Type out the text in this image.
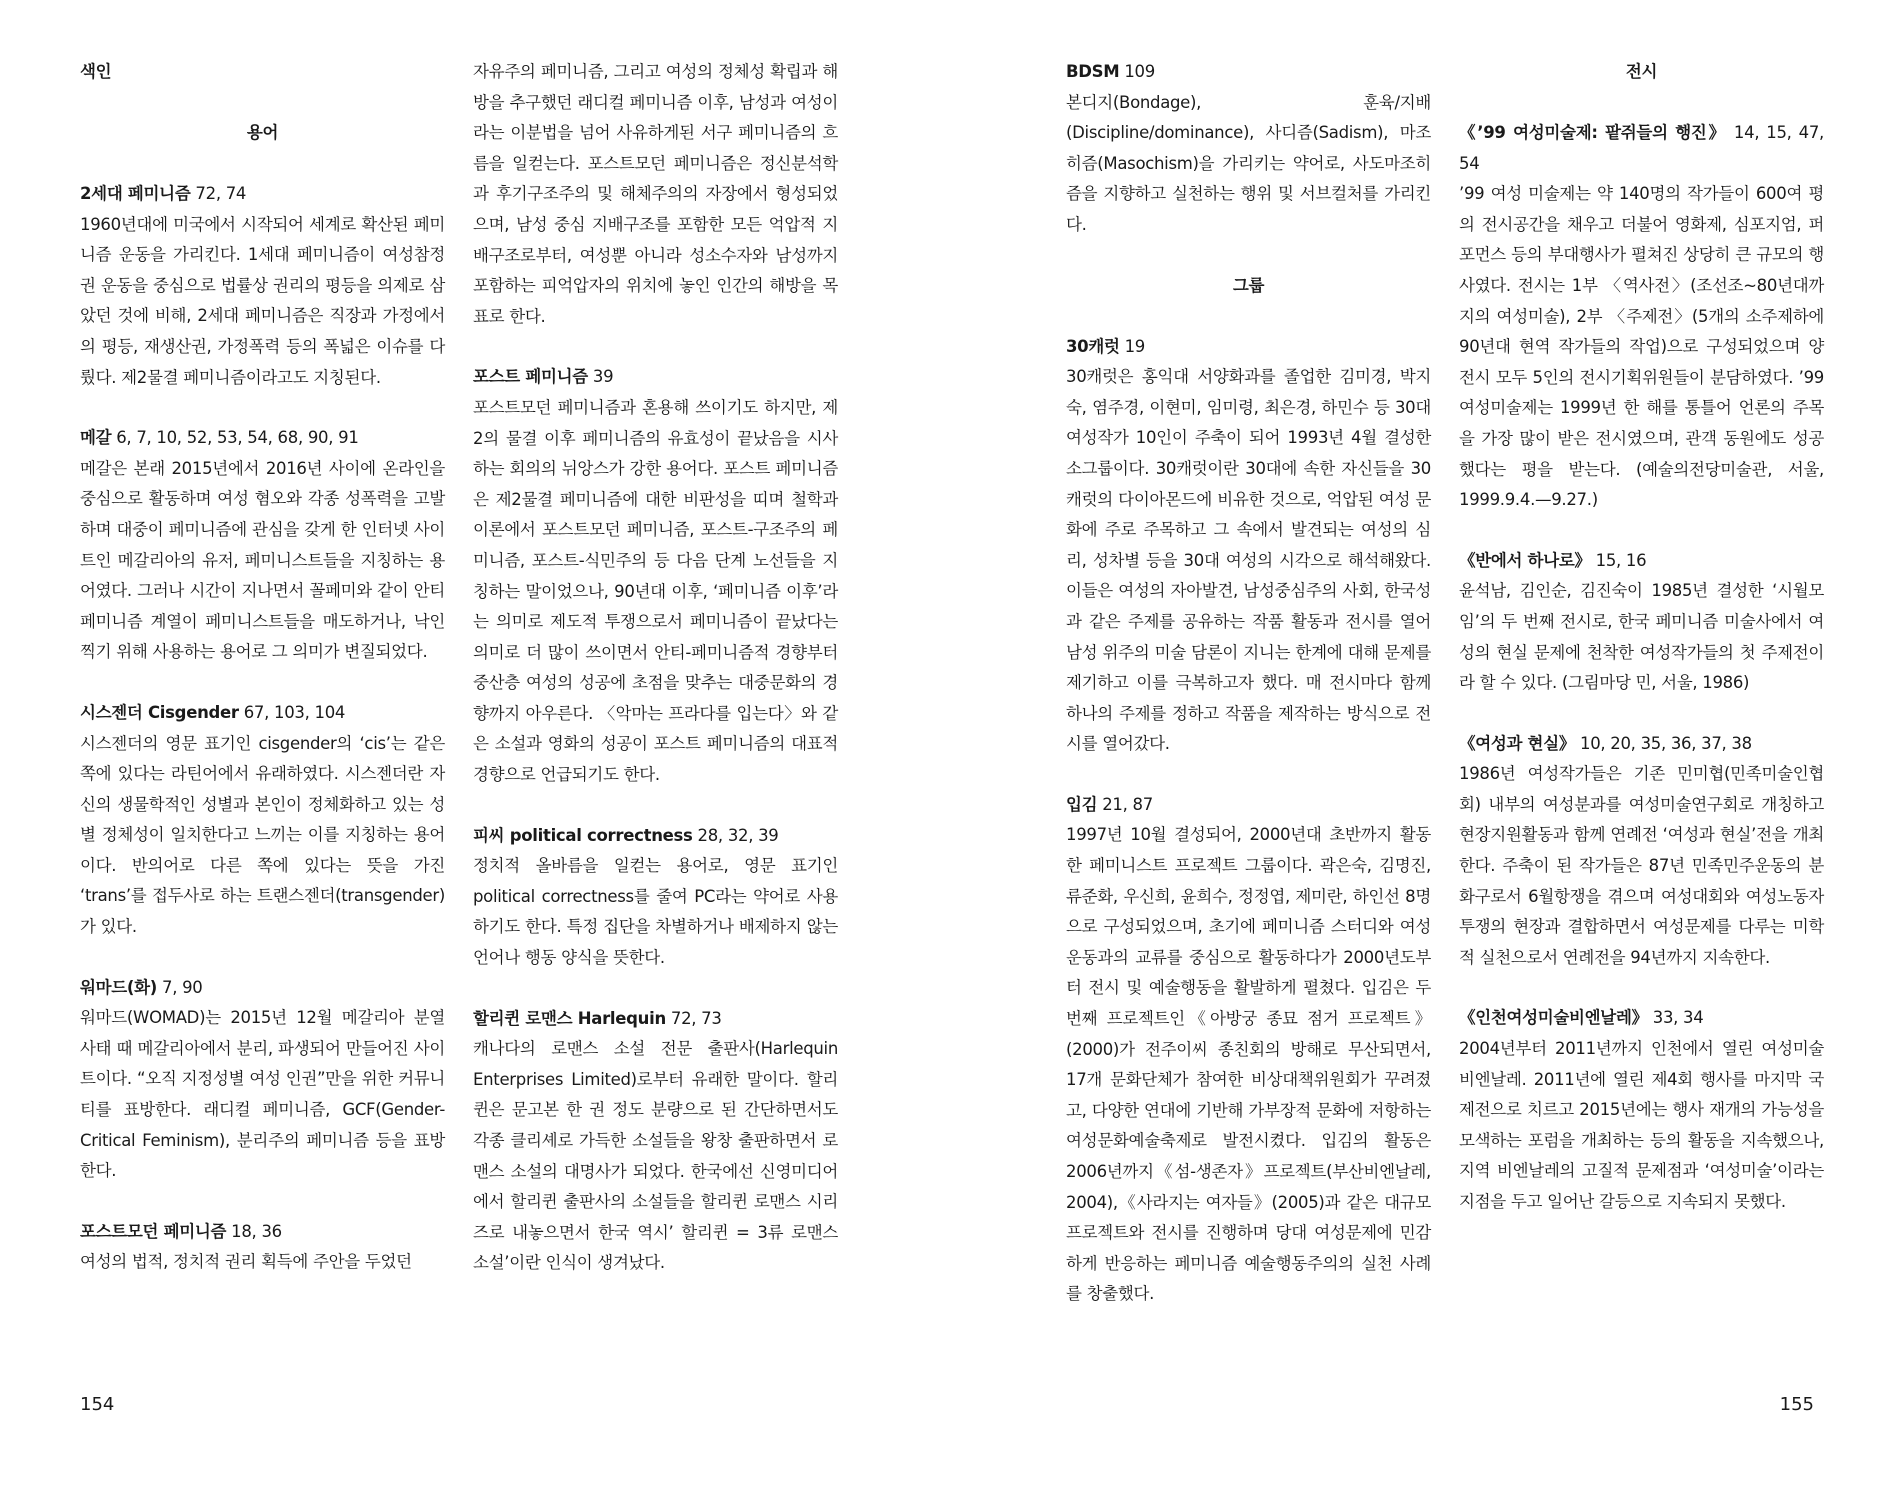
색인
용어
2세대 페미니즘 72, 74
1960년대에 미국에서 시작되어 세계로 확산된 페미니즘 운동을 가리킨다. 1세대 페미니즘이 여성참정권 운동을 중심으로 법률상 권리의 평등을 의제로 삼았던 것에 비해, 2세대 페미니즘은 직장과 가정에서의 평등, 재생산권, 가정폭력 등의 폭넓은 이슈를 다뤘다. 제2물결 페미니즘이라고도 지칭된다.
메갈 6, 7, 10, 52, 53, 54, 68, 90, 91
메갈은 본래 2015년에서 2016년 사이에 온라인을 중심으로 활동하며 여성 혐오와 각종 성폭력을 고발하며 대중이 페미니즘에 관심을 갖게 한 인터넷 사이트인 메갈리아의 유저, 페미니스트들을 지칭하는 용어였다. 그러나 시간이 지나면서 꼴페미와 같이 안티 페미니즘 계열이 페미니스트들을 매도하거나, 낙인 찍기 위해 사용하는 용어로 그 의미가 변질되었다.
시스젠더 Cisgender 67, 103, 104
시스젠더의 영문 표기인 cisgender의 ‘cis’는 같은 쪽에 있다는 라틴어에서 유래하였다. 시스젠더란 자신의 생물학적인 성별과 본인이 정체화하고 있는 성별 정체성이 일치한다고 느끼는 이를 지칭하는 용어이다. 반의어로 다른 쪽에 있다는 뜻을 가진 ‘trans’를 접두사로 하는 트랜스젠더(transgender)가 있다.
워마드(화) 7, 90
워마드(WOMAD)는 2015년 12월 메갈리아 분열 사태 때 메갈리아에서 분리, 파생되어 만들어진 사이트이다. “오직 지정성별 여성 인권”만을 위한 커뮤니티를 표방한다. 래디컬 페미니즘, GCF(Gender-Critical Feminism), 분리주의 페미니즘 등을 표방한다.
포스트모던 페미니즘 18, 36
여성의 법적, 정치적 권리 획득에 주안을 두었던
자유주의 페미니즘, 그리고 여성의 정체성 확립과 해방을 추구했던 래디컬 페미니즘 이후, 남성과 여성이라는 이분법을 넘어 사유하게된 서구 페미니즘의 흐름을 일컫는다. 포스트모던 페미니즘은 정신분석학과 후기구조주의 및 해체주의의 자장에서 형성되었으며, 남성 중심 지배구조를 포함한 모든 억압적 지배구조로부터, 여성뿐 아니라 성소수자와 남성까지 포함하는 피억압자의 위치에 놓인 인간의 해방을 목표로 한다.
포스트 페미니즘 39
포스트모던 페미니즘과 혼용해 쓰이기도 하지만, 제2의 물결 이후 페미니즘의 유효성이 끝났음을 시사하는 회의의 뉘앙스가 강한 용어다. 포스트 페미니즘은 제2물결 페미니즘에 대한 비판성을 띠며 철학과 이론에서 포스트모던 페미니즘, 포스트-구조주의 페미니즘, 포스트-식민주의 등 다음 단계 노선들을 지칭하는 말이었으나, 90년대 이후, ‘페미니즘 이후’라는 의미로 제도적 투쟁으로서 페미니즘이 끝났다는 의미로 더 많이 쓰이면서 안티-페미니즘적 경향부터 중산층 여성의 성공에 초점을 맞추는 대중문화의 경향까지 아우른다. 〈악마는 프라다를 입는다〉와 같은 소설과 영화의 성공이 포스트 페미니즘의 대표적 경향으로 언급되기도 한다.
피씨 political correctness 28, 32, 39
정치적 올바름을 일컫는 용어로, 영문 표기인 political correctness를 줄여 PC라는 약어로 사용하기도 한다. 특정 집단을 차별하거나 배제하지 않는 언어나 행동 양식을 뜻한다.
할리퀸 로맨스 Harlequin 72, 73
캐나다의 로맨스 소설 전문 출판사(Harlequin Enterprises Limited)로부터 유래한 말이다. 할리 퀸은 문고본 한 권 정도 분량으로 된 간단하면서도 각종 클리셰로 가득한 소설들을 왕창 출판하면서 로맨스 소설의 대명사가 되었다. 한국에선 신영미디어에서 할리퀸 출판사의 소설들을 할리퀸 로맨스 시리즈로 내놓으면서 한국 역시’ 할리퀸 = 3류 로맨스 소설’이란 인식이 생겨났다.
154
BDSM 109
본디지(Bondage), 훈육/지배(Discipline/dominance), 사디즘(Sadism), 마조히즘(Masochism)을 가리키는 약어로, 사도마조히즘을 지향하고 실천하는 행위 및 서브컬처를 가리킨다.
그룹
30캐럿 19
30캐럿은 홍익대 서양화과를 졸업한 김미경, 박지숙, 염주경, 이현미, 임미령, 최은경, 하민수 등 30대 여성작가 10인이 주축이 되어 1993년 4월 결성한 소그룹이다. 30캐럿이란 30대에 속한 자신들을 30캐럿의 다이아몬드에 비유한 것으로, 억압된 여성 문화에 주로 주목하고 그 속에서 발견되는 여성의 심리, 성차별 등을 30대 여성의 시각으로 해석해왔다. 이들은 여성의 자아발견, 남성중심주의 사회, 한국성과 같은 주제를 공유하는 작품 활동과 전시를 열어 남성 위주의 미술 담론이 지니는 한계에 대해 문제를 제기하고 이를 극복하고자 했다. 매 전시마다 함께 하나의 주제를 정하고 작품을 제작하는 방식으로 전시를 열어갔다.
입김 21, 87
1997년 10월 결성되어, 2000년대 초반까지 활동한 페미니스트 프로젝트 그룹이다. 곽은숙, 김명진, 류준화, 우신희, 윤희수, 정정엽, 제미란, 하인선 8명으로 구성되었으며, 초기에 페미니즘 스터디와 여성운동과의 교류를 중심으로 활동하다가 2000년도부터 전시 및 예술행동을 활발하게 펼쳤다. 입김은 두 번째 프로젝트인《아방궁 종묘 점거 프로젝트》(2000)가 전주이씨 종친회의 방해로 무산되면서, 17개 문화단체가 참여한 비상대책위원회가 꾸려졌고, 다양한 연대에 기반해 가부장적 문화에 저항하는 여성문화예술축제로 발전시켰다. 입김의 활동은 2006년까지《섬-생존자》프로젝트(부산비엔날레, 2004),《사라지는 여자들》(2005)과 같은 대규모 프로젝트와 전시를 진행하며 당대 여성문제에 민감하게 반응하는 페미니즘 예술행동주의의 실천 사례를 창출했다.
전시
《’99 여성미술제: 팥쥐들의 행진》 14, 15, 47, 54
’99 여성 미술제는 약 140명의 작가들이 600여 평의 전시공간을 채우고 더불어 영화제, 심포지엄, 퍼포먼스 등의 부대행사가 펼쳐진 상당히 큰 규모의 행사였다. 전시는 1부 〈역사전〉(조선조~80년대까지의 여성미술), 2부 〈주제전〉(5개의 소주제하에 90년대 현역 작가들의 작업)으로 구성되었으며 양 전시 모두 5인의 전시기획위원들이 분담하였다. ’99 여성미술제는 1999년 한 해를 통틀어 언론의 주목을 가장 많이 받은 전시였으며, 관객 동원에도 성공했다는 평을 받는다. (예술의전당미술관, 서울, 1999.9.4.—9.27.)
《반에서 하나로》 15, 16
윤석남, 김인순, 김진숙이 1985년 결성한 ‘시월모임’의 두 번째 전시로, 한국 페미니즘 미술사에서 여성의 현실 문제에 천착한 여성작가들의 첫 주제전이라 할 수 있다. (그림마당 민, 서울, 1986)
《여성과 현실》 10, 20, 35, 36, 37, 38
1986년 여성작가들은 기존 민미협(민족미술인협회) 내부의 여성분과를 여성미술연구회로 개칭하고 현장지원활동과 함께 연례전 ‘여성과 현실’전을 개최한다. 주축이 된 작가들은 87년 민족민주운동의 분화구로서 6월항쟁을 겪으며 여성대회와 여성노동자투쟁의 현장과 결합하면서 여성문제를 다루는 미학적 실천으로서 연례전을 94년까지 지속한다.
《인천여성미술비엔날레》 33, 34
2004년부터 2011년까지 인천에서 열린 여성미술비엔날레. 2011년에 열린 제4회 행사를 마지막 국제전으로 치르고 2015년에는 행사 재개의 가능성을 모색하는 포럼을 개최하는 등의 활동을 지속했으나, 지역 비엔날레의 고질적 문제점과 ‘여성미술’이라는 지점을 두고 일어난 갈등으로 지속되지 못했다.
155
